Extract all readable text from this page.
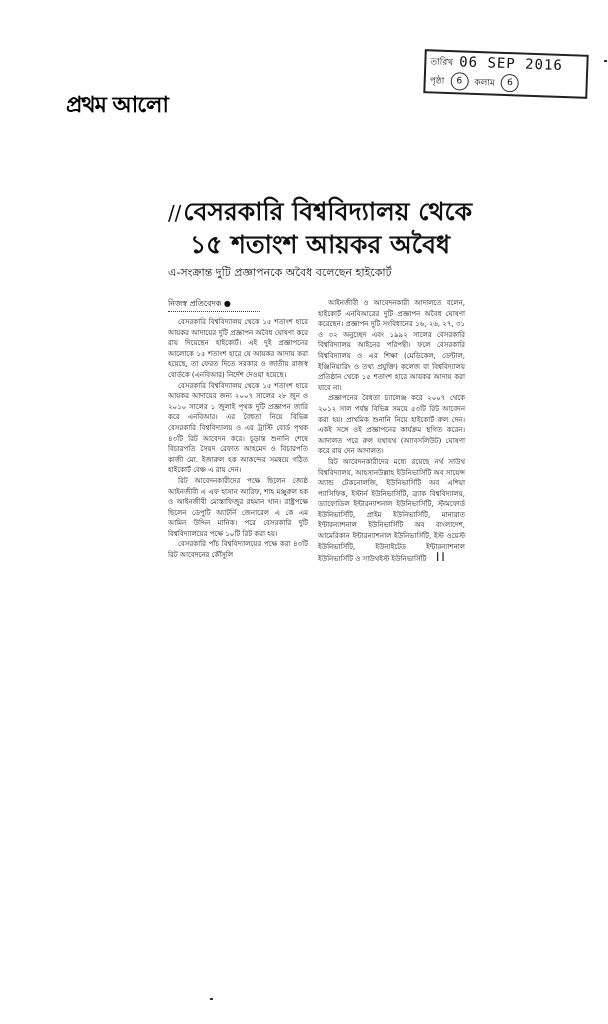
প্রথম আলো
তারিখ 06 SEP 2016
পৃষ্ঠা	6	কলাম	6
//বেসরকারি বিশ্ববিদ্যালয় থেকে
১৫ শতাংশ আয়কর অবৈধ
এ-সংক্রান্ত দুটি প্রজ্ঞাপনকে অবৈধ বলেছেন হাইকোর্ট
নিজস্ব প্রতিবেদক ●

বেসরকারি বিশ্ববিদ্যালয় থেকে ১৫ শতাংশ হারে আয়কর আদায়ের দুটি প্রজ্ঞাপন অবৈধ ঘোষণা করে রায় দিয়েছেন হাইকোর্ট। এই দুই প্রজ্ঞাপনের আলোকে ১৫ শতাংশ হারে যে আয়কর আদায় করা হয়েছে, তা ফেরত দিতে সরকার ও জাতীয় রাজস্ব বোর্ডকে (এনবিআর) নির্দেশ দেওয়া হয়েছে।

বেসরকারি বিশ্ববিদ্যালয় থেকে ১৫ শতাংশ হারে আয়কর আদায়ের জন্য ২০০৭ সালের ২৮ জুন ও ২০১০ সালের ১ জুলাই পৃথক দুটি প্রজ্ঞাপন জারি করে এনবিআর। এর বৈধতা নিয়ে বিভিন্ন বেসরকারি বিশ্ববিদ্যালয় ও এর ট্রাস্টি বোর্ড পৃথক ৪৩টি রিট আবেদন করে। চূড়ান্ত শুনানি শেষে বিচারপতি সৈয়দ রেফাত আহমেদ ও বিচারপতি কাজী মো. ইজারুল হক আকন্দের সমন্বয়ে গঠিত হাইকোর্ট বেঞ্চ এ রায় দেন।

রিট আবেদনকারীদের পক্ষে ছিলেন জ্যেষ্ঠ আইনজীবী এ এফ হাসান আরিফ, শাহ মঞ্জুরুল হক ও আইনজীবী মোস্তাফিজুর রহমান খান। রাষ্ট্রপক্ষে ছিলেন ডেপুটি অ্যাটর্নি জেনারেল এ কে এম আমিন উদ্দিন মানিক। পরে বেসরকারি দুটি বিশ্ববিদ্যালয়ের পক্ষে ১০টি রিট করা হয়।

বেসরকারি পাঁচ বিশ্ববিদ্যালয়ের পক্ষে করা ৪৩টি রিট আবেদনের কৌঁসুলি

আইনজীবী ও আবেদনকারী আদালতে বলেন, হাইকোর্ট এনবিআরের দুটি প্রজ্ঞাপন অবৈধ ঘোষণা করেছেন। প্রজ্ঞাপন দুটি সংবিধানের ১৬, ২৬, ২৭, ৩১ ও ৩২ অনুচ্ছেদ এবং ১৯৯২ সালের বেসরকারি বিশ্ববিদ্যালয় আইনের পরিপন্থী। ফলে বেসরকারি বিশ্ববিদ্যালয় ও এর শিক্ষা (মেডিকেল, ডেন্টাল, ইঞ্জিনিয়ারিং ও তথ্য প্রযুক্তি) কলেজ বা বিশ্ববিদ্যালয় প্রতিষ্ঠান থেকে ১৫ শতাংশ হারে আয়কর আদায় করা যাবে না।

প্রজ্ঞাপনের বৈধতা চ্যালেঞ্জ করে ২০০৭ থেকে ২০১২ সাল পর্যন্ত বিভিন্ন সময়ে ৫৩টি রিট আবেদন করা হয়। প্রাথমিক শুনানি নিয়ে হাইকোর্ট রুল দেন। একই সঙ্গে ওই প্রজ্ঞাপনের কার্যক্রম স্থগিত করেন। আদালত পরে রুল যথাযথ (অ্যাবসলিউট) ঘোষণা করে রায় দেন আদালত।

রিট আবেদনকারীদের মধ্যে রয়েছে নর্থ সাউথ বিশ্ববিদ্যালয়, আহসানউল্লাহ ইউনিভার্সিটি অব সায়েন্স অ্যান্ড টেকনোলজি, ইউনিভার্সিটি অব এশিয়া প্যাসিফিক, ইস্টার্ন ইউনিভার্সিটি, ব্র্যাক বিশ্ববিদ্যালয়, ড্যাফোডিল ইন্টারন্যাশনাল ইউনিভার্সিটি, স্টামফোর্ড ইউনিভার্সিটি, প্রাইম ইউনিভার্সিটি, মানারাত ইন্টারন্যাশনাল ইউনিভার্সিটি অব বাংলাদেশ, আমেরিকান ইন্টারন্যাশনাল ইউনিভার্সিটি, ইস্ট ওয়েস্ট ইউনিভার্সিটি, ইউনাইটেড ইন্টারন্যাশনাল ইউনিভার্সিটি ও সাউথইস্ট ইউনিভার্সিটি ।।
